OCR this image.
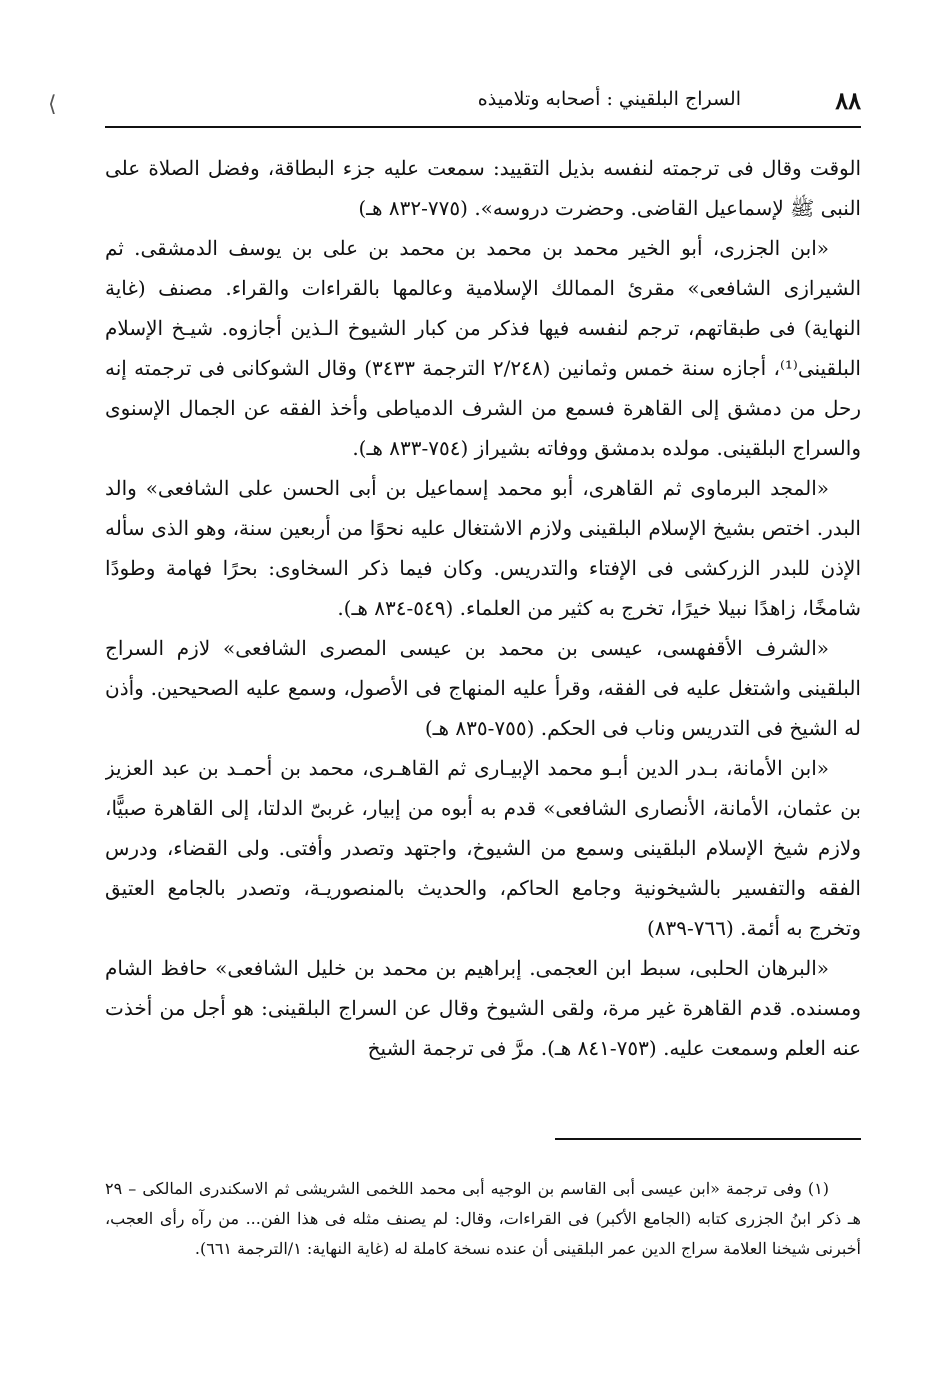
⟨	٨٨
السراج البلقيني : أصحابه وتلاميذه

الوقت وقال فى ترجمته لنفسه بذيل التقييد: سمعت عليه جزء البطاقة، وفضل الصلاة على النبى ﷺ لإسماعيل القاضى. وحضرت دروسه». (٧٧٥-٨٣٢ هـ)

«ابن الجزرى، أبو الخير محمد بن محمد بن محمد بن على بن يوسف الدمشقى. ثم الشيرازى الشافعى» مقرئ الممالك الإسلامية وعالمها بالقراءات والقراء. مصنف (غاية النهاية) فى طبقاتهم، ترجم لنفسه فيها فذكر من كبار الشيوخ الـذين أجازوه. شيـخ الإسلام البلقينى⁽¹⁾، أجازه سنة خمس وثمانين (٢/٢٤٨ الترجمة ٣٤٣٣) وقال الشوكانى فى ترجمته إنه رحل من دمشق إلى القاهرة فسمع من الشرف الدمياطى وأخذ الفقه عن الجمال الإسنوى والسراج البلقينى. مولده بدمشق ووفاته بشيراز (٧٥٤-٨٣٣ هـ).

«المجد البرماوى ثم القاهرى، أبو محمد إسماعيل بن أبى الحسن على الشافعى» والد البدر. اختص بشيخ الإسلام البلقينى ولازم الاشتغال عليه نحوًا من أربعين سنة، وهو الذى سأله الإذن للبدر الزركشى فى الإفتاء والتدريس. وكان فيما ذكر السخاوى: بحرًا فهامة وطودًا شامخًا، زاهدًا نبيلا خيرًا، تخرج به كثير من العلماء. (٥٤٩-٨٣٤ هـ).

«الشرف الأقفهسى، عيسى بن محمد بن عيسى المصرى الشافعى» لازم السراج البلقينى واشتغل عليه فى الفقه، وقرأ عليه المنهاج فى الأصول، وسمع عليه الصحيحين. وأذن له الشيخ فى التدريس وناب فى الحكم. (٧٥٥-٨٣٥ هـ)

«ابن الأمانة، بـدر الدين أبـو محمد الإبيـارى ثم القاهـرى، محمد بن أحمـد بن عبد العزيز بن عثمان، الأمانة، الأنصارى الشافعى» قدم به أبوه من إبيار، غربىّ الدلتا، إلى القاهرة صبيًّا، ولازم شيخ الإسلام البلقينى وسمع من الشيوخ، واجتهد وتصدر وأفتى. ولى القضاء، ودرس الفقه والتفسير بالشيخونية وجامع الحاكم، والحديث بالمنصوريـة، وتصدر بالجامع العتيق وتخرج به أئمة. (٧٦٦-٨٣٩)

«البرهان الحلبى، سبط ابن العجمى. إبراهيم بن محمد بن خليل الشافعى» حافظ الشام ومسنده. قدم القاهرة غير مرة، ولقى الشيوخ وقال عن السراج البلقينى: هو أجل من أخذت عنه العلم وسمعت عليه. (٧٥٣-٨٤١ هـ). مرَّ فى ترجمة الشيخ

(١) وفى ترجمة «ابن عيسى أبى القاسم بن الوجيه أبى محمد اللخمى الشريشى ثم الاسكندرى المالكى – ٢٩ هـ ذكر ابنُ الجزرى كتابه (الجامع الأكبر) فى القراءات، وقال: لم يصنف مثله فى هذا الفن... من رآه رأى العجب، أخبرنى شيخنا العلامة سراج الدين عمر البلقينى أن عنده نسخة كاملة له (غاية النهاية: ١/الترجمة ٦٦١).
